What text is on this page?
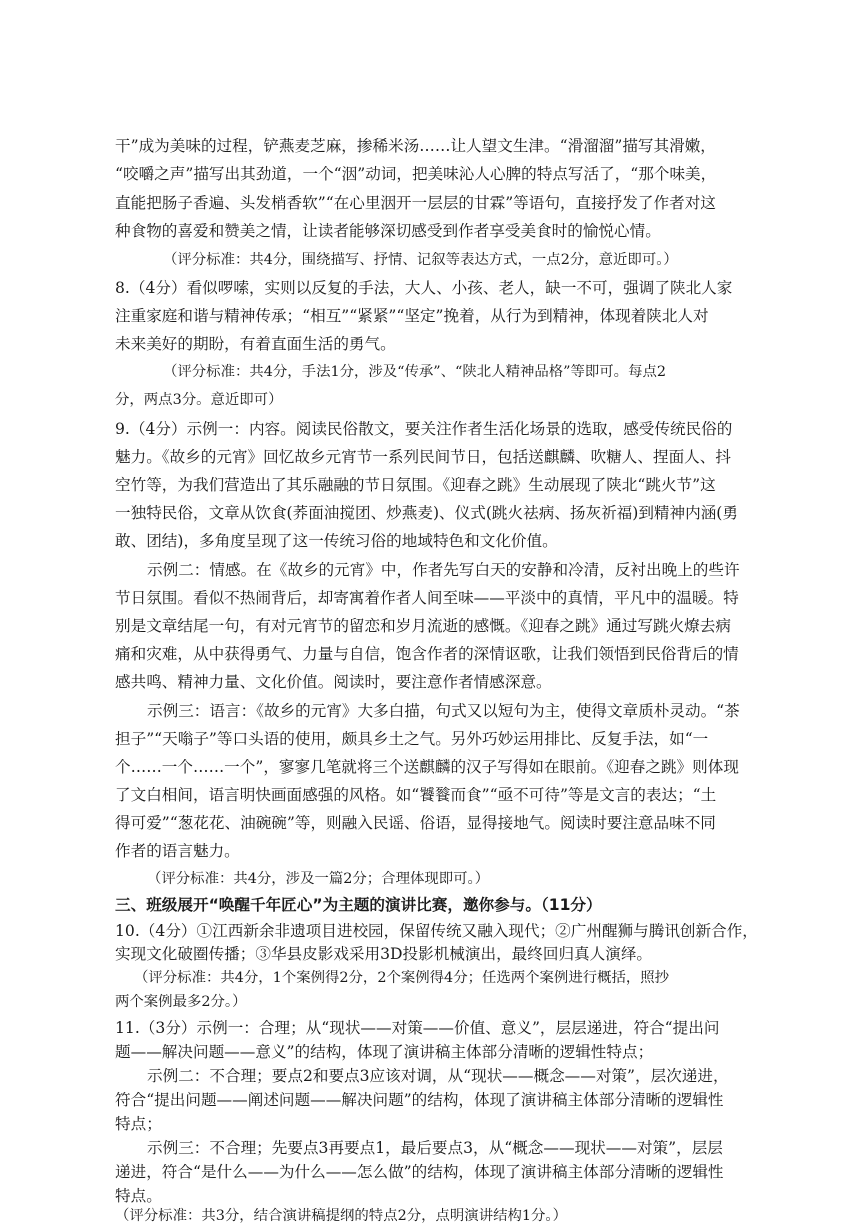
干”成为美味的过程，铲燕麦芝麻，掺稀米汤……让人望文生津。“滑溜溜”描写其滑嫩，
“咬嚼之声”描写出其劲道，一个“洇”动词，把美味沁人心脾的特点写活了，“那个味美，
直能把肠子香遍、头发梢香软”“在心里洇开一层层的甘霖”等语句，直接抒发了作者对这
种食物的喜爱和赞美之情，让读者能够深切感受到作者享受美食时的愉悦心情。
（评分标准：共4分，围绕描写、抒情、记叙等表达方式，一点2分，意近即可。）
8.（4分）看似啰嗦，实则以反复的手法，大人、小孩、老人，缺一不可，强调了陕北人家
注重家庭和谐与精神传承；“相互”“紧紧”“坚定”挽着，从行为到精神，体现着陕北人对
未来美好的期盼，有着直面生活的勇气。
（评分标准：共4分，手法1分，涉及“传承”、“陕北人精神品格”等即可。每点2
分，两点3分。意近即可）
9.（4分）示例一：内容。阅读民俗散文，要关注作者生活化场景的选取，感受传统民俗的
魅力。《故乡的元宵》回忆故乡元宵节一系列民间节日，包括送麒麟、吹糖人、捏面人、抖
空竹等，为我们营造出了其乐融融的节日氛围。《迎春之跳》生动展现了陕北“跳火节”这
一独特民俗，文章从饮食(荞面油搅团、炒燕麦)、仪式(跳火祛病、扬灰祈福)到精神内涵(勇
敢、团结)，多角度呈现了这一传统习俗的地域特色和文化价值。
示例二：情感。在《故乡的元宵》中，作者先写白天的安静和冷清，反衬出晚上的些许
节日氛围。看似不热闹背后，却寄寓着作者人间至味——平淡中的真情，平凡中的温暖。特
别是文章结尾一句，有对元宵节的留恋和岁月流逝的感慨。《迎春之跳》通过写跳火燎去病
痛和灾难，从中获得勇气、力量与自信，饱含作者的深情讴歌，让我们领悟到民俗背后的情
感共鸣、精神力量、文化价值。阅读时，要注意作者情感深意。
示例三：语言：《故乡的元宵》大多白描，句式又以短句为主，使得文章质朴灵动。“茶
担子”“天嗡子”等口头语的使用，颇具乡土之气。另外巧妙运用排比、反复手法，如“一
个……一个……一个”，寥寥几笔就将三个送麒麟的汉子写得如在眼前。《迎春之跳》则体现
了文白相间，语言明快画面感强的风格。如“饕餮而食”“亟不可待”等是文言的表达；“土
得可爱”“葱花花、油碗碗”等，则融入民谣、俗语，显得接地气。阅读时要注意品味不同
作者的语言魅力。
（评分标准：共4分，涉及一篇2分；合理体现即可。）
三、班级展开“唤醒千年匠心”为主题的演讲比赛，邀你参与。（11分）
10.（4分）①江西新余非遗项目进校园，保留传统又融入现代；②广州醒狮与腾讯创新合作，
实现文化破圈传播；③华县皮影戏采用3D投影机械演出，最终回归真人演绎。
（评分标准：共4分，1个案例得2分，2个案例得4分；任选两个案例进行概括，照抄
两个案例最多2分。）
11.（3分）示例一：合理；从“现状——对策——价值、意义”，层层递进，符合“提出问
题——解决问题——意义”的结构，体现了演讲稿主体部分清晰的逻辑性特点；
示例二：不合理；要点2和要点3应该对调，从“现状——概念——对策”，层次递进，
符合“提出问题——阐述问题——解决问题”的结构，体现了演讲稿主体部分清晰的逻辑性
特点；
示例三：不合理；先要点3再要点1，最后要点3，从“概念——现状——对策”，层层
递进，符合“是什么——为什么——怎么做”的结构，体现了演讲稿主体部分清晰的逻辑性
特点。
（评分标准：共3分，结合演讲稿提纲的特点2分，点明演讲结构1分。）
